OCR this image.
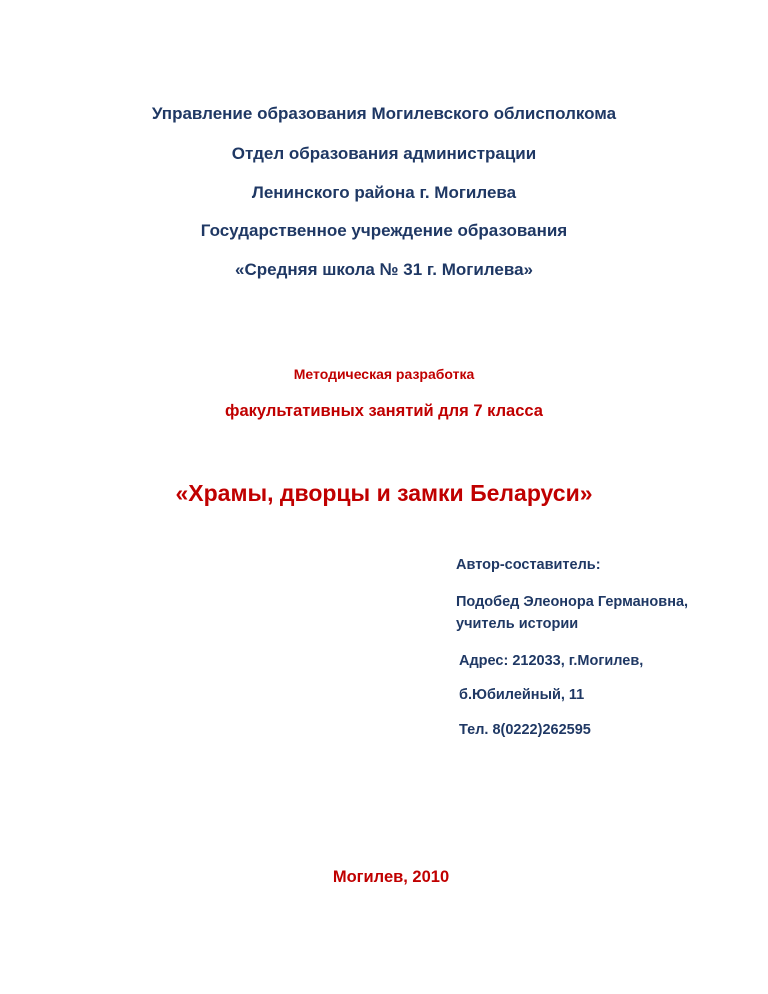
Управление образования Могилевского облисполкома
Отдел образования администрации
Ленинского района г. Могилева
Государственное учреждение образования
«Средняя школа № 31 г. Могилева»
Методическая разработка
факультативных занятий для 7 класса
«Храмы, дворцы и замки Беларуси»
Автор-составитель:
Подобед Элеонора Германовна,
учитель истории
Адрес: 212033, г.Могилев,
б.Юбилейный, 11
Тел. 8(0222)262595
Могилев, 2010
